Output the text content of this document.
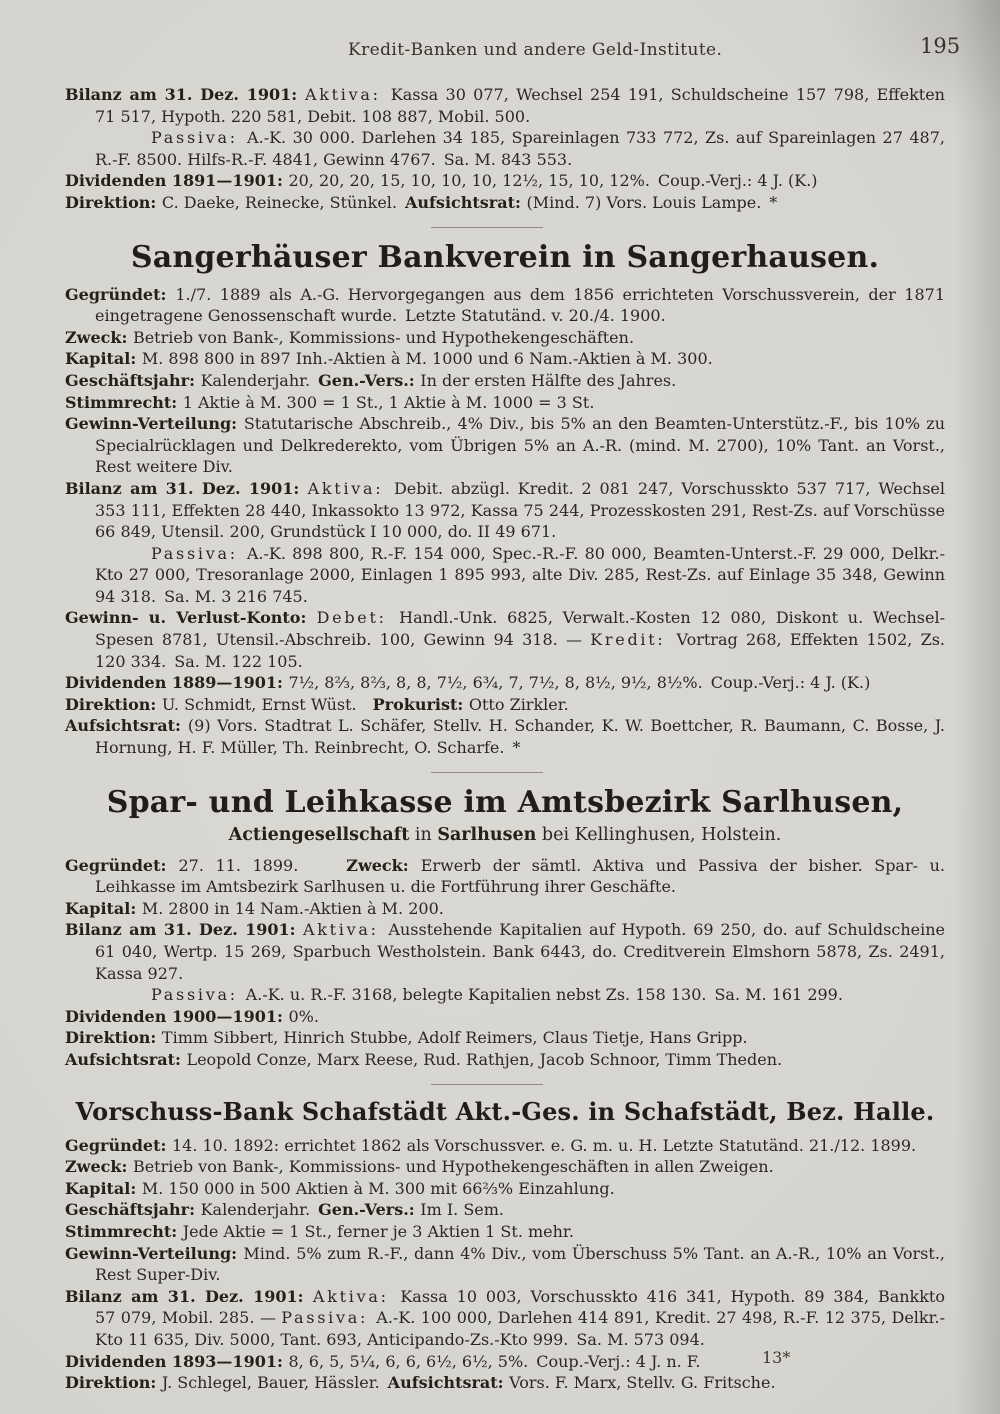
Kredit-Banken und andere Geld-Institute.	195

Bilanz am 31. Dez. 1901: Aktiva: Kassa 30 077, Wechsel 254 191, Schuldscheine 157 798, Effekten 71 517, Hypoth. 220 581, Debit. 108 887, Mobil. 500.

Passiva: A.-K. 30 000. Darlehen 34 185, Spareinlagen 733 772, Zs. auf Spareinlagen 27 487, R.-F. 8500. Hilfs-R.-F. 4841, Gewinn 4767. Sa. M. 843 553.

Dividenden 1891—1901: 20, 20, 20, 15, 10, 10, 10, 12½, 15, 10, 12%. Coup.-Verj.: 4 J. (K.)

Direktion: C. Daeke, Reinecke, Stünkel. Aufsichtsrat: (Mind. 7) Vors. Louis Lampe. *

Sangerhäuser Bankverein in Sangerhausen.

Gegründet: 1./7. 1889 als A.-G. Hervorgegangen aus dem 1856 errichteten Vorschussverein, der 1871 eingetragene Genossenschaft wurde. Letzte Statutänd. v. 20./4. 1900.

Zweck: Betrieb von Bank-, Kommissions- und Hypothekengeschäften.

Kapital: M. 898 800 in 897 Inh.-Aktien à M. 1000 und 6 Nam.-Aktien à M. 300.

Geschäftsjahr: Kalenderjahr. Gen.-Vers.: In der ersten Hälfte des Jahres.

Stimmrecht: 1 Aktie à M. 300 = 1 St., 1 Aktie à M. 1000 = 3 St.

Gewinn-Verteilung: Statutarische Abschreib., 4% Div., bis 5% an den Beamten-Unterstütz.-F., bis 10% zu Specialrücklagen und Delkrederekto, vom Übrigen 5% an A.-R. (mind. M. 2700), 10% Tant. an Vorst., Rest weitere Div.

Bilanz am 31. Dez. 1901: Aktiva: Debit. abzügl. Kredit. 2 081 247, Vorschusskto 537 717, Wechsel 353 111, Effekten 28 440, Inkassokto 13 972, Kassa 75 244, Prozesskosten 291, Rest-Zs. auf Vorschüsse 66 849, Utensil. 200, Grundstück I 10 000, do. II 49 671.

Passiva: A.-K. 898 800, R.-F. 154 000, Spec.-R.-F. 80 000, Beamten-Unterst.-F. 29 000, Delkr.-Kto 27 000, Tresoranlage 2000, Einlagen 1 895 993, alte Div. 285, Rest-Zs. auf Einlage 35 348, Gewinn 94 318. Sa. M. 3 216 745.

Gewinn- u. Verlust-Konto: Debet: Handl.-Unk. 6825, Verwalt.-Kosten 12 080, Diskont u. Wechsel-Spesen 8781, Utensil.-Abschreib. 100, Gewinn 94 318. — Kredit: Vortrag 268, Effekten 1502, Zs. 120 334. Sa. M. 122 105.

Dividenden 1889—1901: 7½, 8⅔, 8⅔, 8, 8, 7½, 6¾, 7, 7½, 8, 8½, 9½, 8½%. Coup.-Verj.: 4 J. (K.)

Direktion: U. Schmidt, Ernst Wüst. Prokurist: Otto Zirkler.

Aufsichtsrat: (9) Vors. Stadtrat L. Schäfer, Stellv. H. Schander, K. W. Boettcher, R. Baumann, C. Bosse, J. Hornung, H. F. Müller, Th. Reinbrecht, O. Scharfe. *

Spar- und Leihkasse im Amtsbezirk Sarlhusen,

Actiengesellschaft in Sarlhusen bei Kellinghusen, Holstein.

Gegründet: 27. 11. 1899.	Zweck: Erwerb der sämtl. Aktiva und Passiva der bisher. Spar- u. Leihkasse im Amtsbezirk Sarlhusen u. die Fortführung ihrer Geschäfte.

Kapital: M. 2800 in 14 Nam.-Aktien à M. 200.

Bilanz am 31. Dez. 1901: Aktiva: Ausstehende Kapitalien auf Hypoth. 69 250, do. auf Schuldscheine 61 040, Wertp. 15 269, Sparbuch Westholstein. Bank 6443, do. Creditverein Elmshorn 5878, Zs. 2491, Kassa 927.

Passiva: A.-K. u. R.-F. 3168, belegte Kapitalien nebst Zs. 158 130. Sa. M. 161 299.

Dividenden 1900—1901: 0%.

Direktion: Timm Sibbert, Hinrich Stubbe, Adolf Reimers, Claus Tietje, Hans Gripp.

Aufsichtsrat: Leopold Conze, Marx Reese, Rud. Rathjen, Jacob Schnoor, Timm Theden.

Vorschuss-Bank Schafstädt Akt.-Ges. in Schafstädt, Bez. Halle.

Gegründet: 14. 10. 1892: errichtet 1862 als Vorschussver. e. G. m. u. H. Letzte Statutänd. 21./12. 1899.

Zweck: Betrieb von Bank-, Kommissions- und Hypothekengeschäften in allen Zweigen.

Kapital: M. 150 000 in 500 Aktien à M. 300 mit 66⅔% Einzahlung.

Geschäftsjahr: Kalenderjahr. Gen.-Vers.: Im I. Sem.

Stimmrecht: Jede Aktie = 1 St., ferner je 3 Aktien 1 St. mehr.

Gewinn-Verteilung: Mind. 5% zum R.-F., dann 4% Div., vom Überschuss 5% Tant. an A.-R., 10% an Vorst., Rest Super-Div.

Bilanz am 31. Dez. 1901: Aktiva: Kassa 10 003, Vorschusskto 416 341, Hypoth. 89 384, Bankkto 57 079, Mobil. 285. — Passiva: A.-K. 100 000, Darlehen 414 891, Kredit. 27 498, R.-F. 12 375, Delkr.-Kto 11 635, Div. 5000, Tant. 693, Anticipando-Zs.-Kto 999. Sa. M. 573 094.

Dividenden 1893—1901: 8, 6, 5, 5¼, 6, 6, 6½, 6½, 5%. Coup.-Verj.: 4 J. n. F.

Direktion: J. Schlegel, Bauer, Hässler. Aufsichtsrat: Vors. F. Marx, Stellv. G. Fritsche.

13*
